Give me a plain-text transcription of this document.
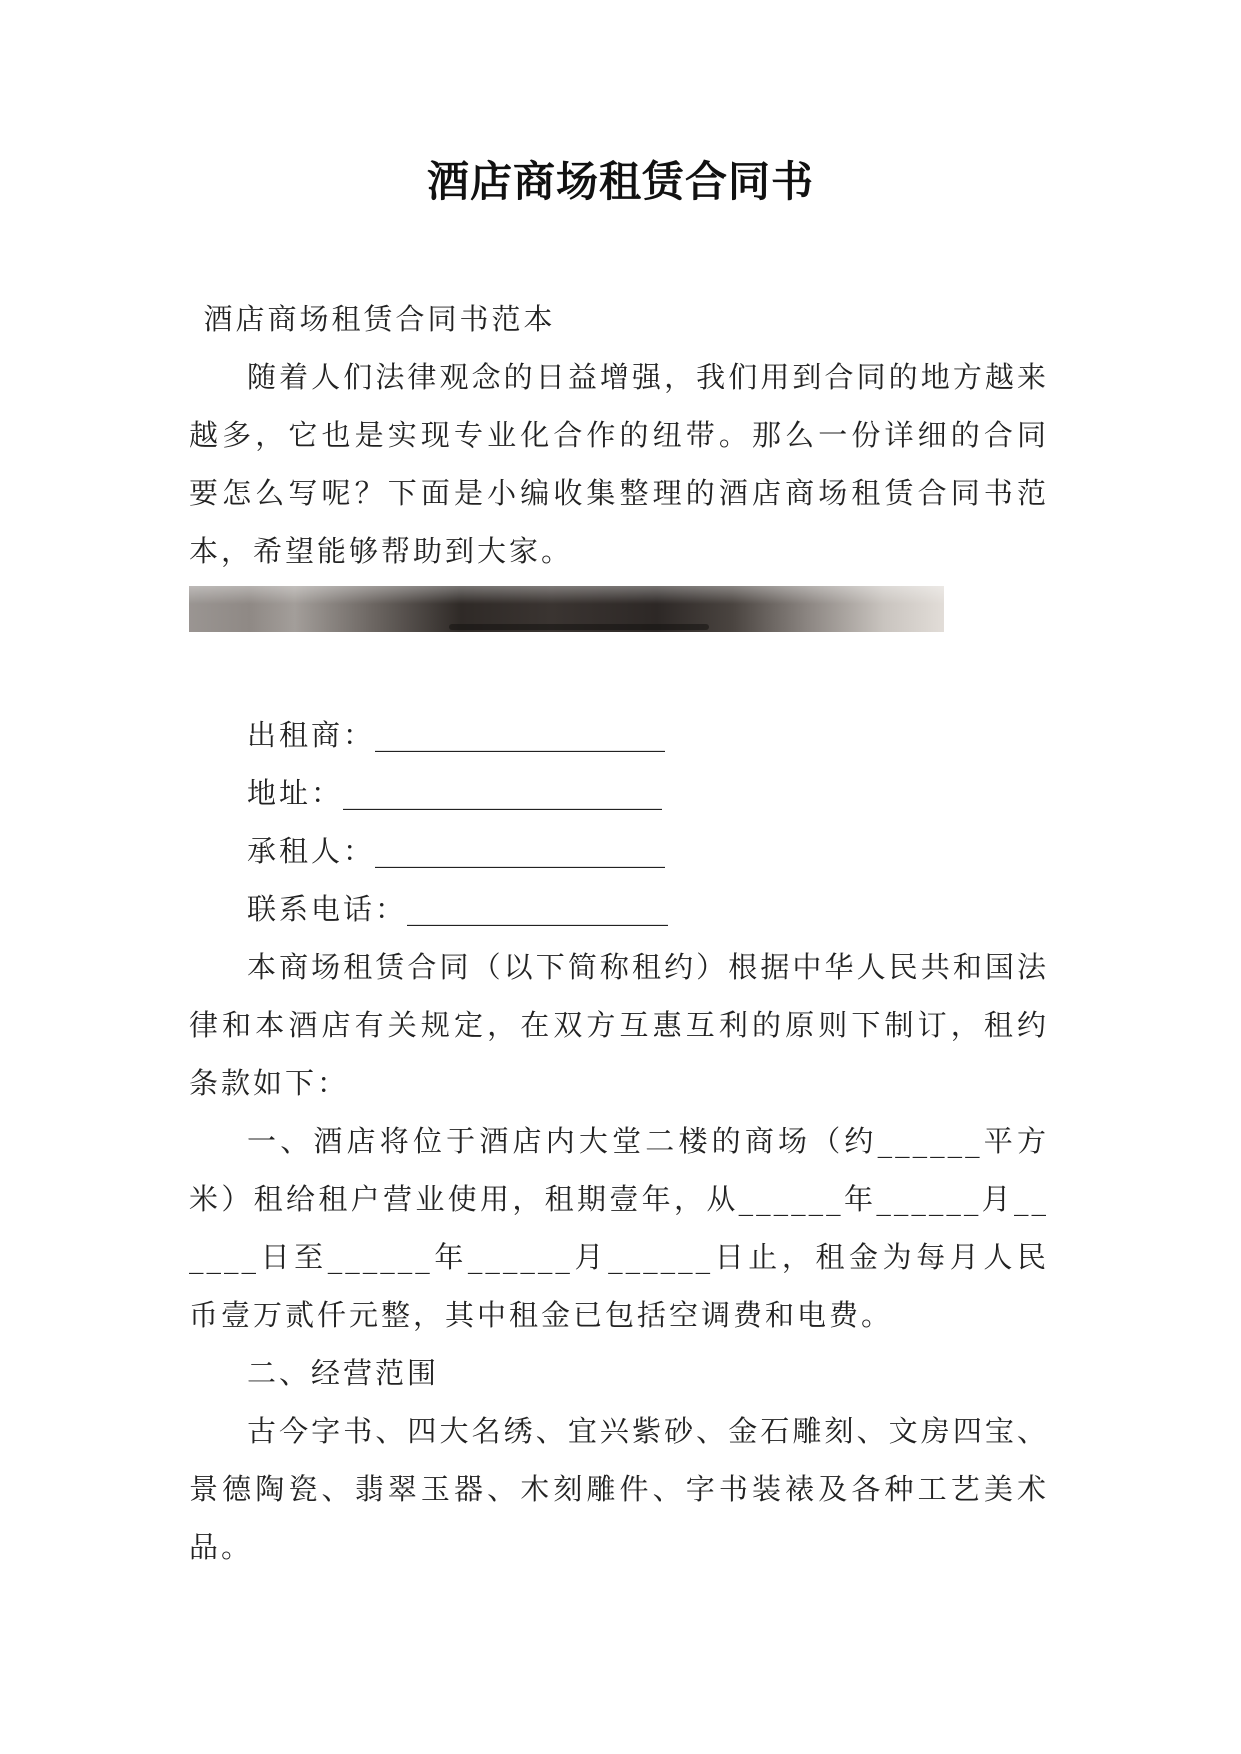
酒店商场租赁合同书

酒店商场租赁合同书范本

随着人们法律观念的日益增强，我们用到合同的地方越来越多，它也是实现专业化合作的纽带。那么一份详细的合同要怎么写呢？下面是小编收集整理的酒店商场租赁合同书范本，希望能够帮助到大家。

出租商：____________________

地址：______________________

承租人：____________________

联系电话：__________________

本商场租赁合同（以下简称租约）根据中华人民共和国法律和本酒店有关规定，在双方互惠互利的原则下制订，租约条款如下：

一、酒店将位于酒店内大堂二楼的商场（约______平方米）租给租户营业使用，租期壹年，从______年______月______日至______年______月______日止，租金为每月人民币壹万贰仟元整，其中租金已包括空调费和电费。

二、经营范围

古今字书、四大名绣、宜兴紫砂、金石雕刻、文房四宝、景德陶瓷、翡翠玉器、木刻雕件、字书装裱及各种工艺美术品。
